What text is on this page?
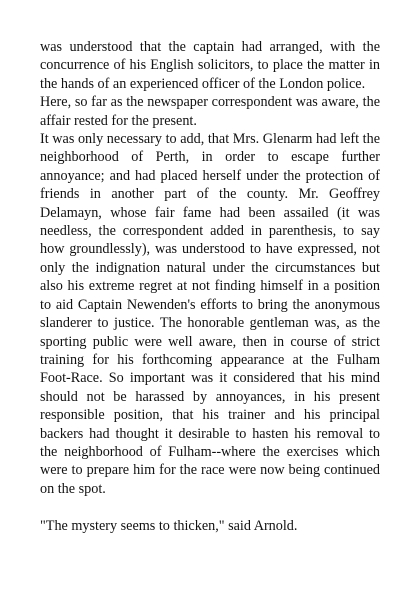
was understood that the captain had arranged, with the concurrence of his English solicitors, to place the matter in the hands of an experienced officer of the London police.

Here, so far as the newspaper correspondent was aware, the affair rested for the present.

It was only necessary to add, that Mrs. Glenarm had left the neighborhood of Perth, in order to escape further annoyance; and had placed herself under the protection of friends in another part of the county. Mr. Geoffrey Delamayn, whose fair fame had been assailed (it was needless, the correspondent added in parenthesis, to say how groundlessly), was understood to have expressed, not only the indignation natural under the circumstances but also his extreme regret at not finding himself in a position to aid Captain Newenden's efforts to bring the anonymous slanderer to justice. The honorable gentleman was, as the sporting public were well aware, then in course of strict training for his forthcoming appearance at the Fulham Foot-Race. So important was it considered that his mind should not be harassed by annoyances, in his present responsible position, that his trainer and his principal backers had thought it desirable to hasten his removal to the neighborhood of Fulham--where the exercises which were to prepare him for the race were now being continued on the spot.

"The mystery seems to thicken," said Arnold.
